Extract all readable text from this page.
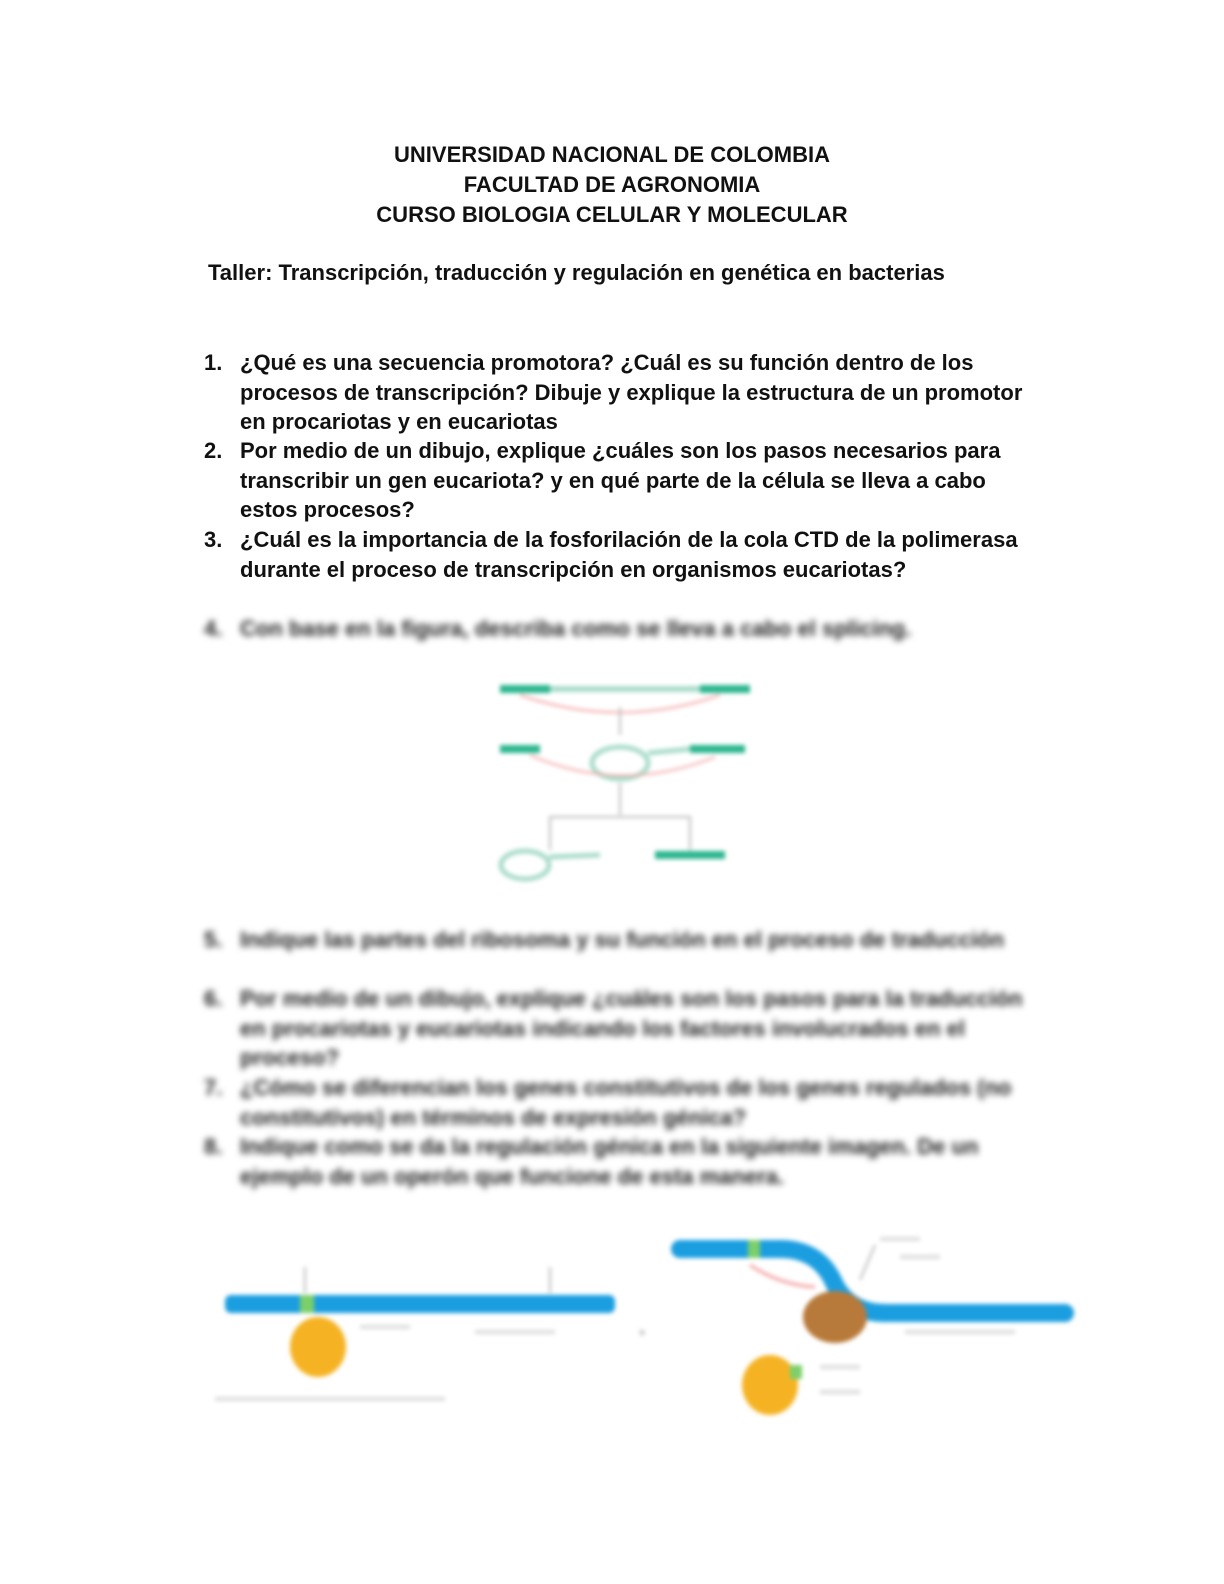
UNIVERSIDAD NACIONAL DE COLOMBIA
FACULTAD DE AGRONOMIA
CURSO BIOLOGIA CELULAR Y MOLECULAR
Taller: Transcripción, traducción y regulación en genética en bacterias
1. ¿Qué es una secuencia promotora? ¿Cuál es su función dentro de los procesos de transcripción? Dibuje y explique la estructura de un promotor en procariotas y en eucariotas
2. Por medio de un dibujo, explique ¿cuáles son los pasos necesarios para transcribir un gen eucariota? y en qué parte de la célula se lleva a cabo estos procesos?
3. ¿Cuál es la importancia de la fosforilación de la cola CTD de la polimerasa durante el proceso de transcripción en organismos eucariotas?
4. Con base en la figura, describa como se lleva a cabo el splicing.
5. Indique las partes del ribosoma y su función en el proceso de traducción
6. Por medio de un dibujo, explique ¿cuáles son los pasos para la traducción en procariotas y eucariotas indicando los factores involucrados en el proceso?
7. ¿Cómo se diferencian los genes constitutivos de los genes regulados (no constitutivos) en términos de expresión génica?
8. Indique como se da la regulación génica en la siguiente imagen. De un ejemplo de un operón que funcione de esta manera.
+
